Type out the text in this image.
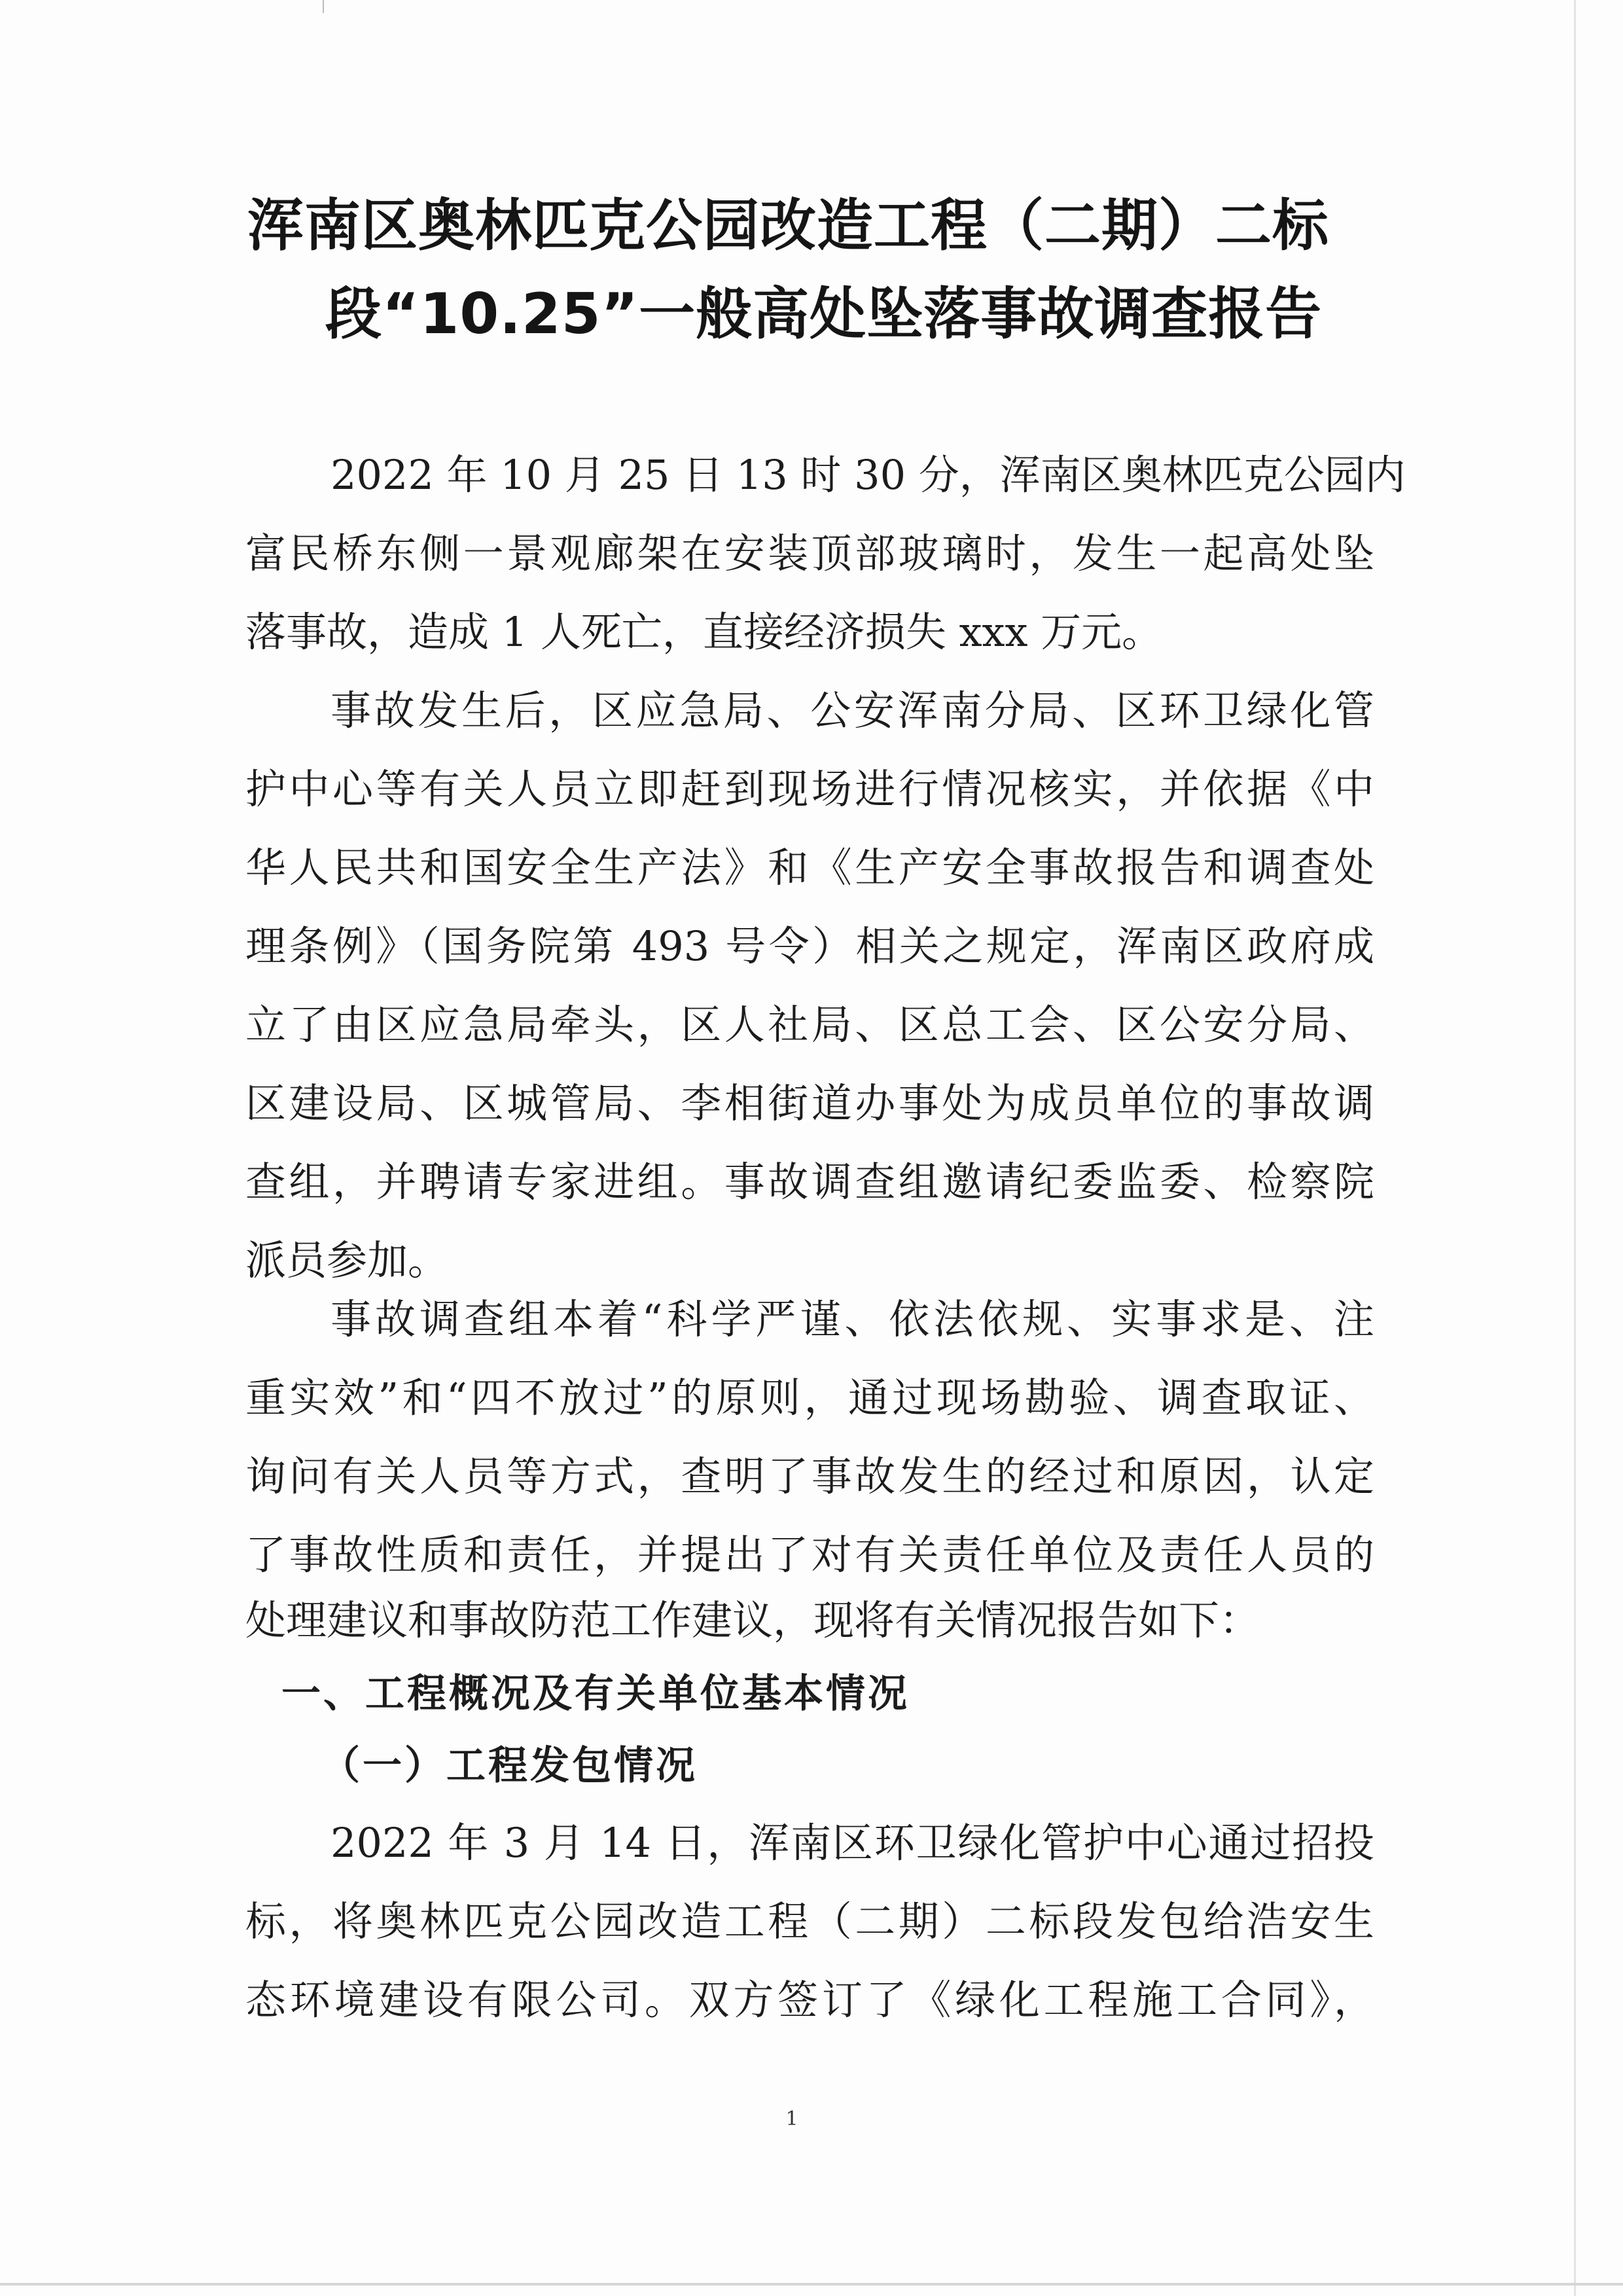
浑南区奥林匹克公园改造工程（二期）二标
段“10.25”一般高处坠落事故调查报告
2022 年 10 月 25 日 13 时 30 分，浑南区奥林匹克公园内
富民桥东侧一景观廊架在安装顶部玻璃时，发生一起高处坠
落事故，造成 1 人死亡，直接经济损失 xxx 万元。
事故发生后，区应急局、公安浑南分局、区环卫绿化管
护中心等有关人员立即赶到现场进行情况核实，并依据《中
华人民共和国安全生产法》和《生产安全事故报告和调查处
理条例》（国务院第 493 号令）相关之规定，浑南区政府成
立了由区应急局牵头，区人社局、区总工会、区公安分局、
区建设局、区城管局、李相街道办事处为成员单位的事故调
查组，并聘请专家进组。事故调查组邀请纪委监委、检察院
派员参加。
事故调查组本着“科学严谨、依法依规、实事求是、注
重实效”和“四不放过”的原则，通过现场勘验、调查取证、
询问有关人员等方式，查明了事故发生的经过和原因，认定
了事故性质和责任，并提出了对有关责任单位及责任人员的
处理建议和事故防范工作建议，现将有关情况报告如下：
一、工程概况及有关单位基本情况
（一）工程发包情况
2022 年 3 月 14 日，浑南区环卫绿化管护中心通过招投
标，将奥林匹克公园改造工程（二期）二标段发包给浩安生
态环境建设有限公司。双方签订了《绿化工程施工合同》，
1
